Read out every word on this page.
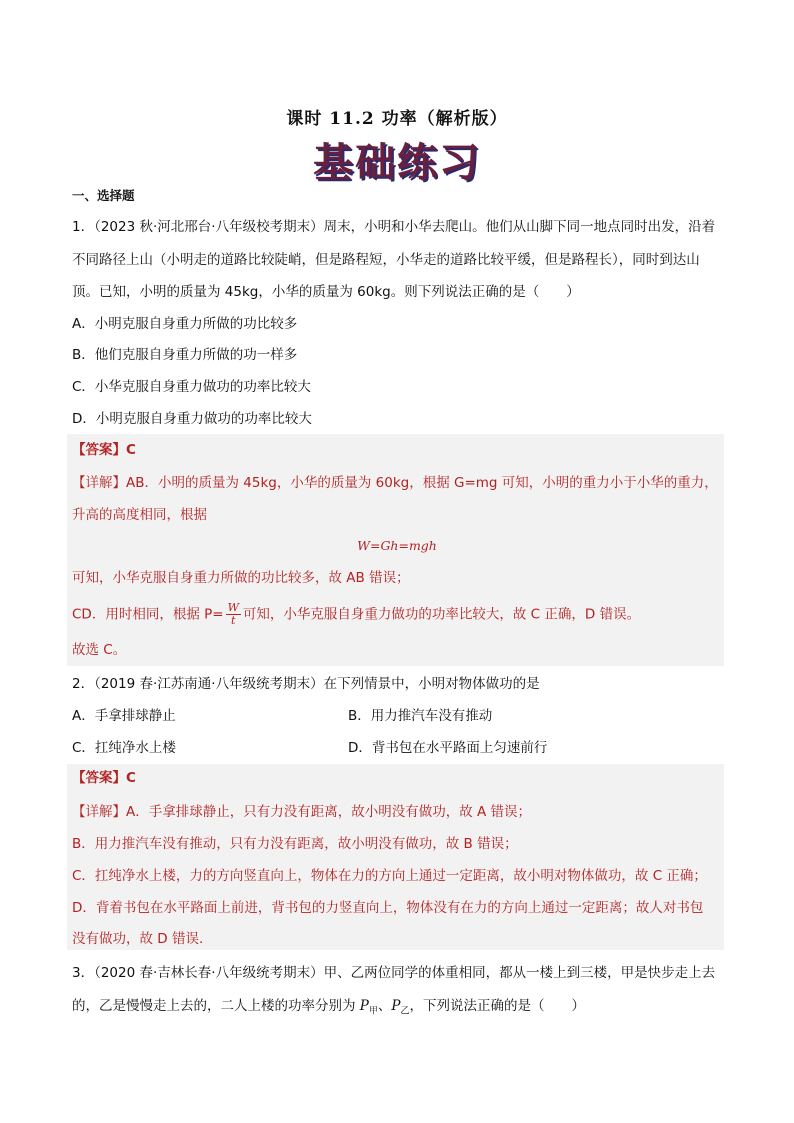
课时 11.2 功率（解析版）
基础练习
一、选择题
1．（2023 秋·河北邢台·八年级校考期末）周末，小明和小华去爬山。他们从山脚下同一地点同时出发，沿着
不同路径上山（小明走的道路比较陡峭，但是路程短，小华走的道路比较平缓，但是路程长），同时到达山
顶。已知，小明的质量为 45kg，小华的质量为 60kg。则下列说法正确的是（　　）
A．小明克服自身重力所做的功比较多
B．他们克服自身重力所做的功一样多
C．小华克服自身重力做功的功率比较大
D．小明克服自身重力做功的功率比较大
【答案】C
【详解】AB．小明的质量为 45kg，小华的质量为 60kg，根据 G=mg 可知，小明的重力小于小华的重力，
升高的高度相同，根据
W=Gh=mgh
可知，小华克服自身重力所做的功比较多，故 AB 错误；
CD．用时相同，根据 $P= \frac{W}{t}$ 可知，小华克服自身重力做功的功率比较大，故 C 正确，D 错误。
故选 C。
2．（2019 春·江苏南通·八年级统考期末）在下列情景中，小明对物体做功的是
A．手拿排球静止	B．用力推汽车没有推动
C．扛纯净水上楼	D．背书包在水平路面上匀速前行
【答案】C
【详解】A．手拿排球静止，只有力没有距离，故小明没有做功，故 A 错误；
B．用力推汽车没有推动，只有力没有距离，故小明没有做功，故 B 错误；
C．扛纯净水上楼，力的方向竖直向上，物体在力的方向上通过一定距离，故小明对物体做功，故 C 正确；
D．背着书包在水平路面上前进，背书包的力竖直向上，物体没有在力的方向上通过一定距离；故人对书包
没有做功，故 D 错误.
3．（2020 春·吉林长春·八年级统考期末）甲、乙两位同学的体重相同，都从一楼上到三楼，甲是快步走上去
的，乙是慢慢走上去的，二人上楼的功率分别为 $P_甲$、$P_乙$，下列说法正确的是（　　）
